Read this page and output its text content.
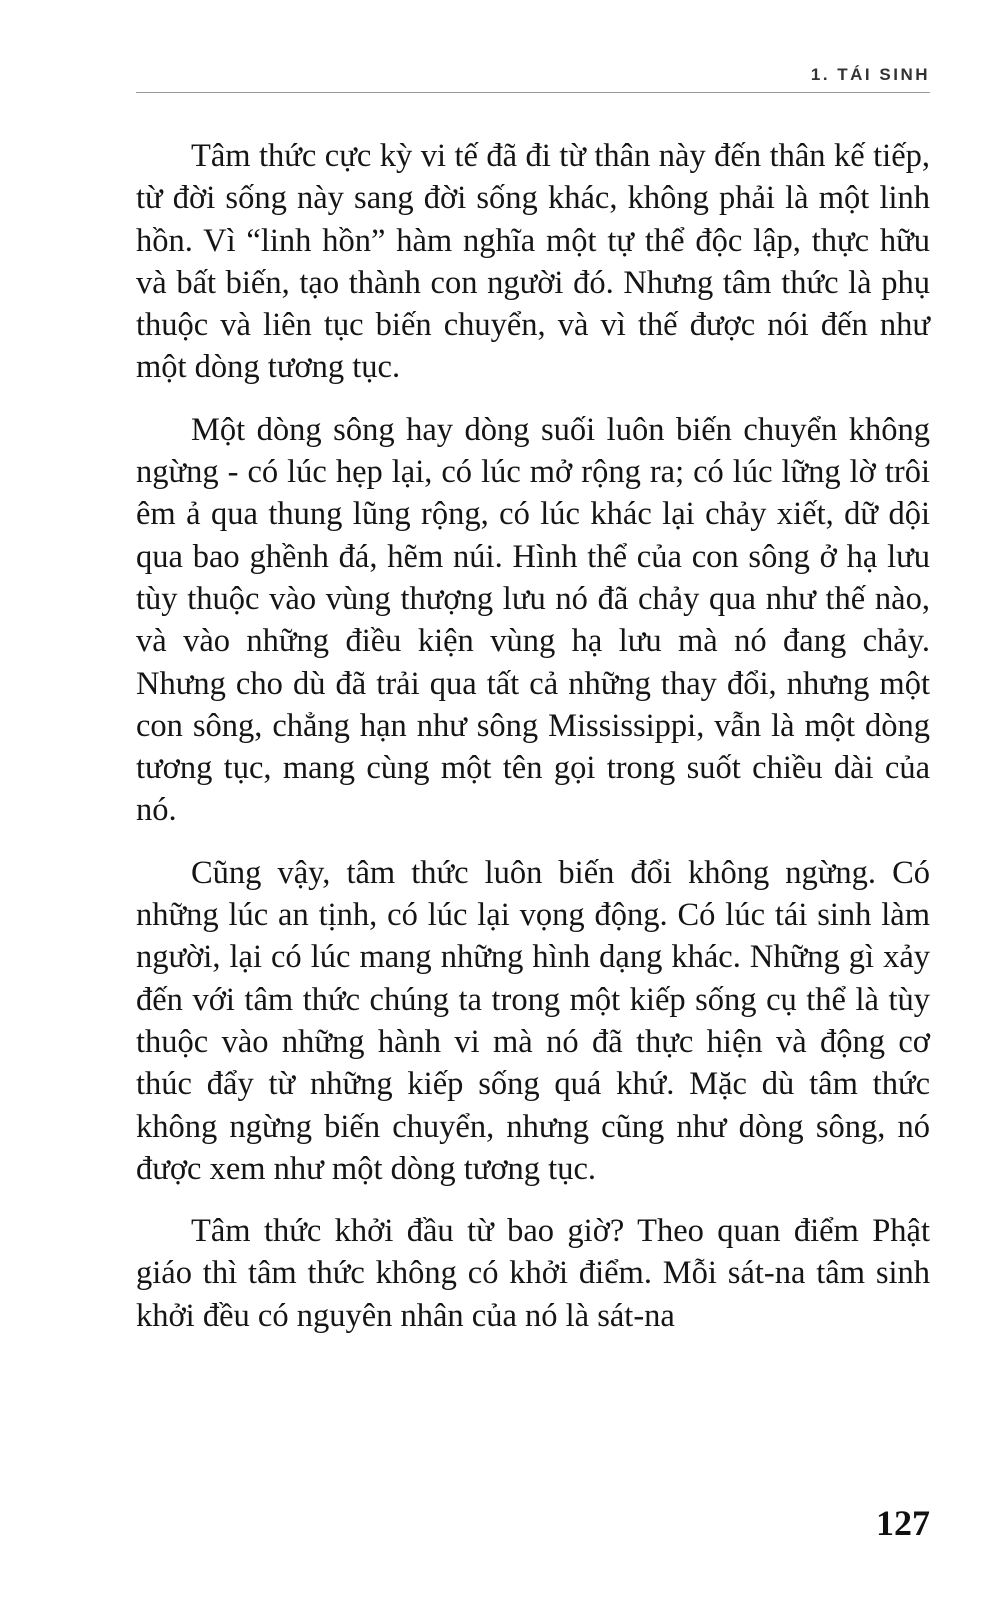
1. TÁI SINH

Tâm thức cực kỳ vi tế đã đi từ thân này đến thân kế tiếp, từ đời sống này sang đời sống khác, không phải là một linh hồn. Vì “linh hồn” hàm nghĩa một tự thể độc lập, thực hữu và bất biến, tạo thành con người đó. Nhưng tâm thức là phụ thuộc và liên tục biến chuyển, và vì thế được nói đến như một dòng tương tục.

Một dòng sông hay dòng suối luôn biến chuyển không ngừng - có lúc hẹp lại, có lúc mở rộng ra; có lúc lững lờ trôi êm ả qua thung lũng rộng, có lúc khác lại chảy xiết, dữ dội qua bao ghềnh đá, hẽm núi. Hình thể của con sông ở hạ lưu tùy thuộc vào vùng thượng lưu nó đã chảy qua như thế nào, và vào những điều kiện vùng hạ lưu mà nó đang chảy. Nhưng cho dù đã trải qua tất cả những thay đổi, nhưng một con sông, chẳng hạn như sông Mississippi, vẫn là một dòng tương tục, mang cùng một tên gọi trong suốt chiều dài của nó.

Cũng vậy, tâm thức luôn biến đổi không ngừng. Có những lúc an tịnh, có lúc lại vọng động. Có lúc tái sinh làm người, lại có lúc mang những hình dạng khác. Những gì xảy đến với tâm thức chúng ta trong một kiếp sống cụ thể là tùy thuộc vào những hành vi mà nó đã thực hiện và động cơ thúc đẩy từ những kiếp sống quá khứ. Mặc dù tâm thức không ngừng biến chuyển, nhưng cũng như dòng sông, nó được xem như một dòng tương tục.

Tâm thức khởi đầu từ bao giờ? Theo quan điểm Phật giáo thì tâm thức không có khởi điểm. Mỗi sát-na tâm sinh khởi đều có nguyên nhân của nó là sát-na

127
